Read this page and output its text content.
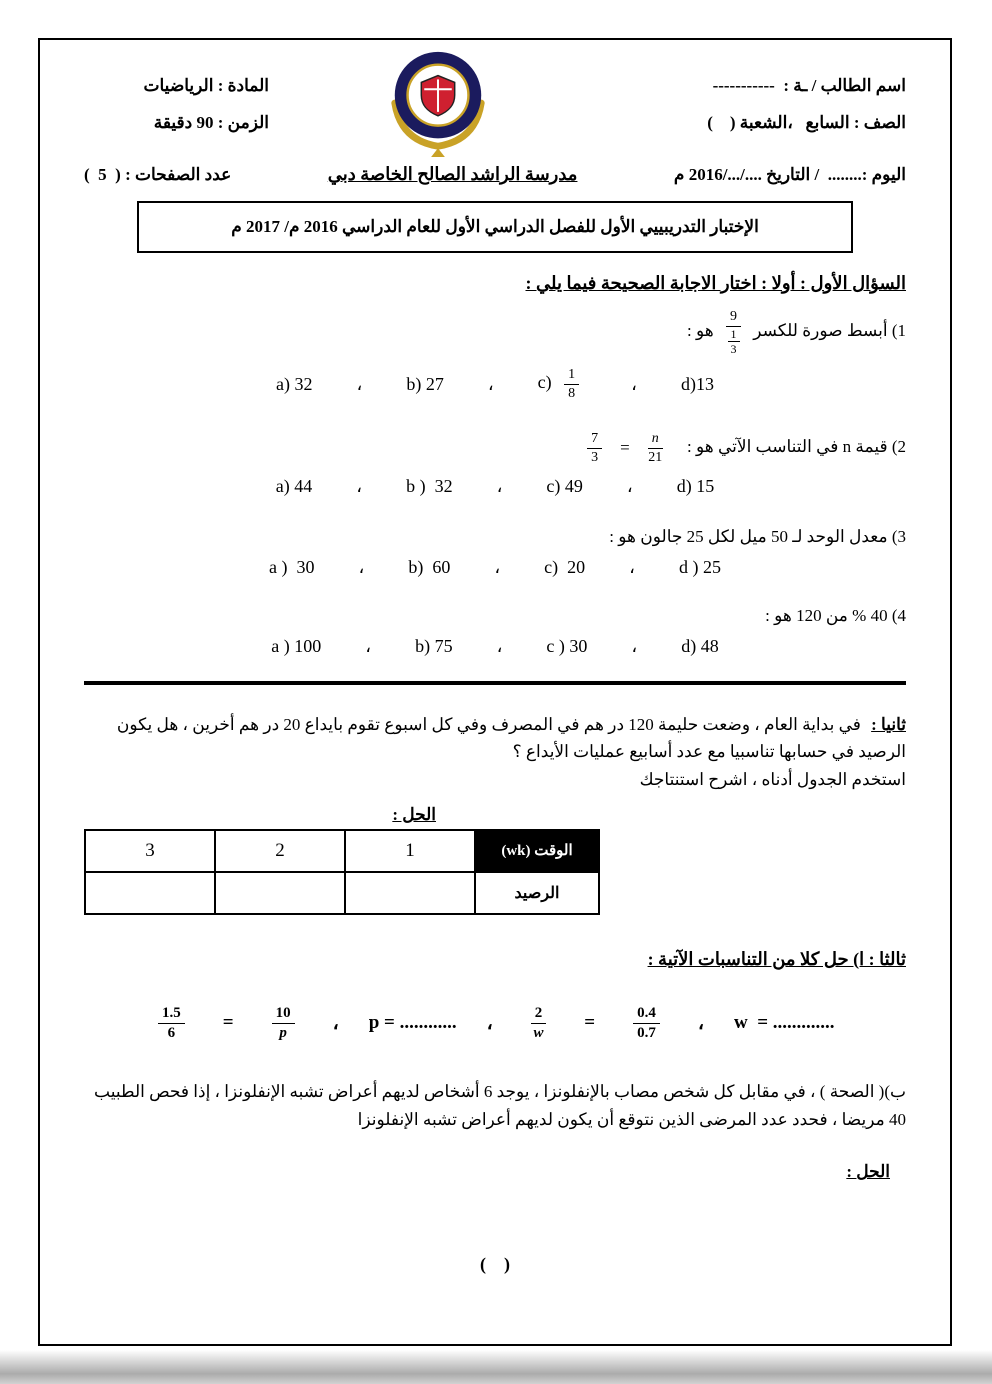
اسم الطالب / ـة :  -----------
الصف : السابع   ،الشعبة (    )
المادة : الرياضيات
الزمن : 90 دقيقة
اليوم :........  / التاريخ ..../.../2016 م
مدرسة الراشد الصالح الخاصة دبي
عدد الصفحات : (  5  )
الإختبار التدريبييي الأول للفصل الدراسي الأول للعام الدراسي 2016 م/ 2017 م
السؤال الأول : أولا : اختار الاجابة الصحيحة فيما يلي :
1) أبسط صورة للكسر
$\frac{9}{\frac{1}{3}}$
هو :
a) 32 ، b) 27 ، $c) \frac{1}{8}$	، d)13
2) قيمة n في التناسب الآتي هو :
$\frac{7}{3} = \frac{n}{21}$
a) 44 ، b )  32 ، c) 49 ، d) 15
3) معدل الوحد لـ 50 ميل لكل 25 جالون هو :
a )  30 ، b)  60 ، c)  20 ، d ) 25
4) 40 % من 120 هو :
a ) 100 ، b) 75 ، c ) 30 ، d) 48
ثانيا : في بداية العام ، وضعت حليمة 120 در هم في المصرف وفي كل اسبوع تقوم بايداع 20 در هم أخرين ، هل يكون الرصيد في حسابها تناسبيا مع عدد أسابيع عمليات الأيداع ؟
استخدم الجدول أدناه ، اشرح استنتاجك
الحل :
الوقت (wk)	1	2	3
الرصيد			
ثالثا : ا) حل كلا من التناسبات الآتية :
$\frac{1.5}{6}$ =	$\frac{10}{p}$ ، p = ............ ،	$\frac{2}{w}$ =	$\frac{0.4}{0.7}$ ، w  = .............
ب)( الصحة ) ، في مقابل كل شخص مصاب بالإنفلونزا ، يوجد 6 أشخاص لديهم أعراض تشبه الإنفلونزا ، إذا فحص الطبيب 40 مريضا ، فحدد عدد المرضى الذين نتوقع أن يكون لديهم أعراض تشبه الإنفلونزا
الحل :
(    )
